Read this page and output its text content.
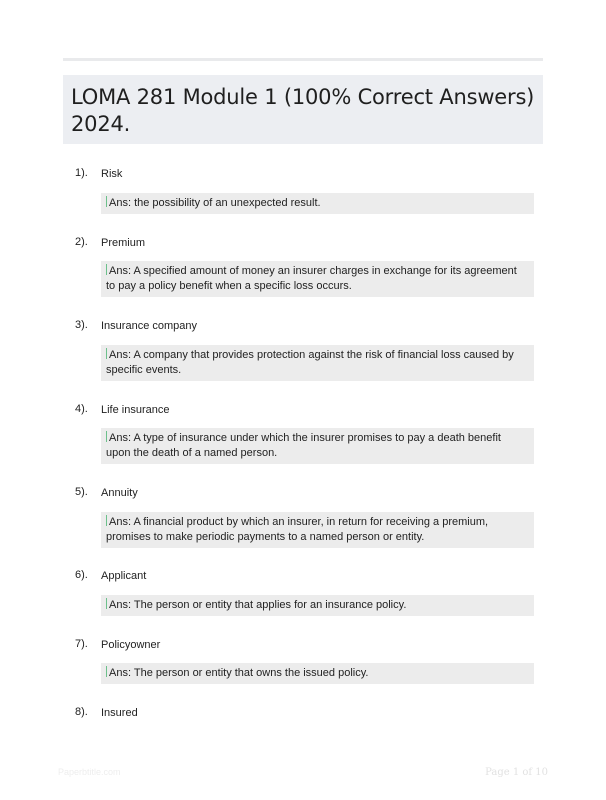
LOMA 281 Module 1 (100% Correct Answers) 2024.
1). Risk
Ans: the possibility of an unexpected result.
2). Premium
Ans: A specified amount of money an insurer charges in exchange for its agreement to pay a policy benefit when a specific loss occurs.
3). Insurance company
Ans: A company that provides protection against the risk of financial loss caused by specific events.
4). Life insurance
Ans: A type of insurance under which the insurer promises to pay a death benefit upon the death of a named person.
5). Annuity
Ans: A financial product by which an insurer, in return for receiving a premium, promises to make periodic payments to a named person or entity.
6). Applicant
Ans: The person or entity that applies for an insurance policy.
7). Policyowner
Ans: The person or entity that owns the issued policy.
8). Insured
Paperbtitle.com	Page 1 of 10
